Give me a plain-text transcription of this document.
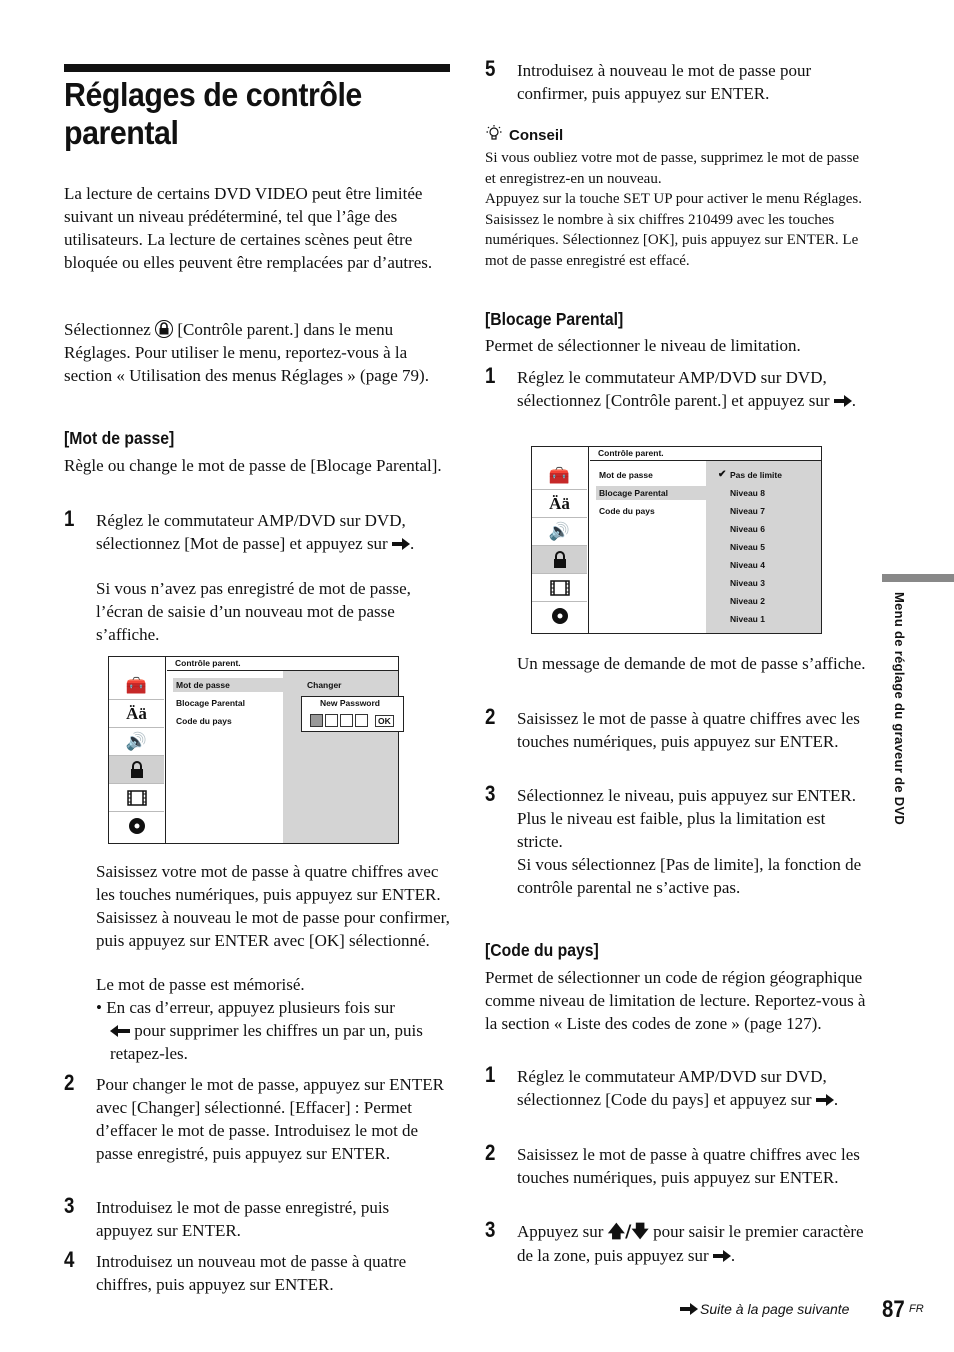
Réglages de contrôle parental
La lecture de certains DVD VIDEO peut être limitée suivant un niveau prédéterminé, tel que l’âge des utilisateurs. La lecture de certaines scènes peut être bloquée ou elles peuvent être remplacées par d’autres.
Sélectionnez [Contrôle parent.] dans le menu Réglages. Pour utiliser le menu, reportez-vous à la section « Utilisation des menus Réglages » (page 79).
[Mot de passe]
Règle ou change le mot de passe de [Blocage Parental].
1 Réglez le commutateur AMP/DVD sur DVD, sélectionnez [Mot de passe] et appuyez sur .
Si vous n’avez pas enregistré de mot de passe, l’écran de saisie d’un nouveau mot de passe s’affiche.
🧰
Ää
🔊
Contrôle parent.
Mot de passe
Blocage Parental
Code du pays
Changer
New Password
OK
Saisissez votre mot de passe à quatre chiffres avec les touches numériques, puis appuyez sur ENTER. Saisissez à nouveau le mot de passe pour confirmer, puis appuyez sur ENTER avec [OK] sélectionné.
Le mot de passe est mémorisé.
• En cas d’erreur, appuyez plusieurs fois sur
pour supprimer les chiffres un par un, puis retapez-les.
2 Pour changer le mot de passe, appuyez sur ENTER avec [Changer] sélectionné. [Effacer] : Permet d’effacer le mot de passe. Introduisez le mot de passe enregistré, puis appuyez sur ENTER.
3 Introduisez le mot de passe enregistré, puis appuyez sur ENTER.
4 Introduisez un nouveau mot de passe à quatre chiffres, puis appuyez sur ENTER.
5 Introduisez à nouveau le mot de passe pour confirmer, puis appuyez sur ENTER.
Conseil
Si vous oubliez votre mot de passe, supprimez le mot de passe et enregistrez-en un nouveau.
Appuyez sur la touche SET UP pour activer le menu Réglages. Saisissez le nombre à six chiffres 210499 avec les touches numériques. Sélectionnez [OK], puis appuyez sur ENTER. Le mot de passe enregistré est effacé.
[Blocage Parental]
Permet de sélectionner le niveau de limitation.
1 Réglez le commutateur AMP/DVD sur DVD, sélectionnez [Contrôle parent.] et appuyez sur .
🧰
Ää
🔊
Contrôle parent.
Mot de passe
Blocage Parental
Code du pays
✔ Pas de limite
Niveau 8
Niveau 7
Niveau 6
Niveau 5
Niveau 4
Niveau 3
Niveau 2
Niveau 1
Un message de demande de mot de passe s’affiche.
2 Saisissez le mot de passe à quatre chiffres avec les touches numériques, puis appuyez sur ENTER.
3 Sélectionnez le niveau, puis appuyez sur ENTER.
Plus le niveau est faible, plus la limitation est stricte.
Si vous sélectionnez [Pas de limite], la fonction de contrôle parental ne s’active pas.
[Code du pays]
Permet de sélectionner un code de région géographique comme niveau de limitation de lecture. Reportez-vous à la section « Liste des codes de zone » (page 127).
1 Réglez le commutateur AMP/DVD sur DVD, sélectionnez [Code du pays] et appuyez sur .
2 Saisissez le mot de passe à quatre chiffres avec les touches numériques, puis appuyez sur ENTER.
3 Appuyez sur 🡅/🡇 pour saisir le premier caractère de la zone, puis appuyez sur .
Menu de réglage du graveur de DVD
Suite à la page suivante 87 FR
